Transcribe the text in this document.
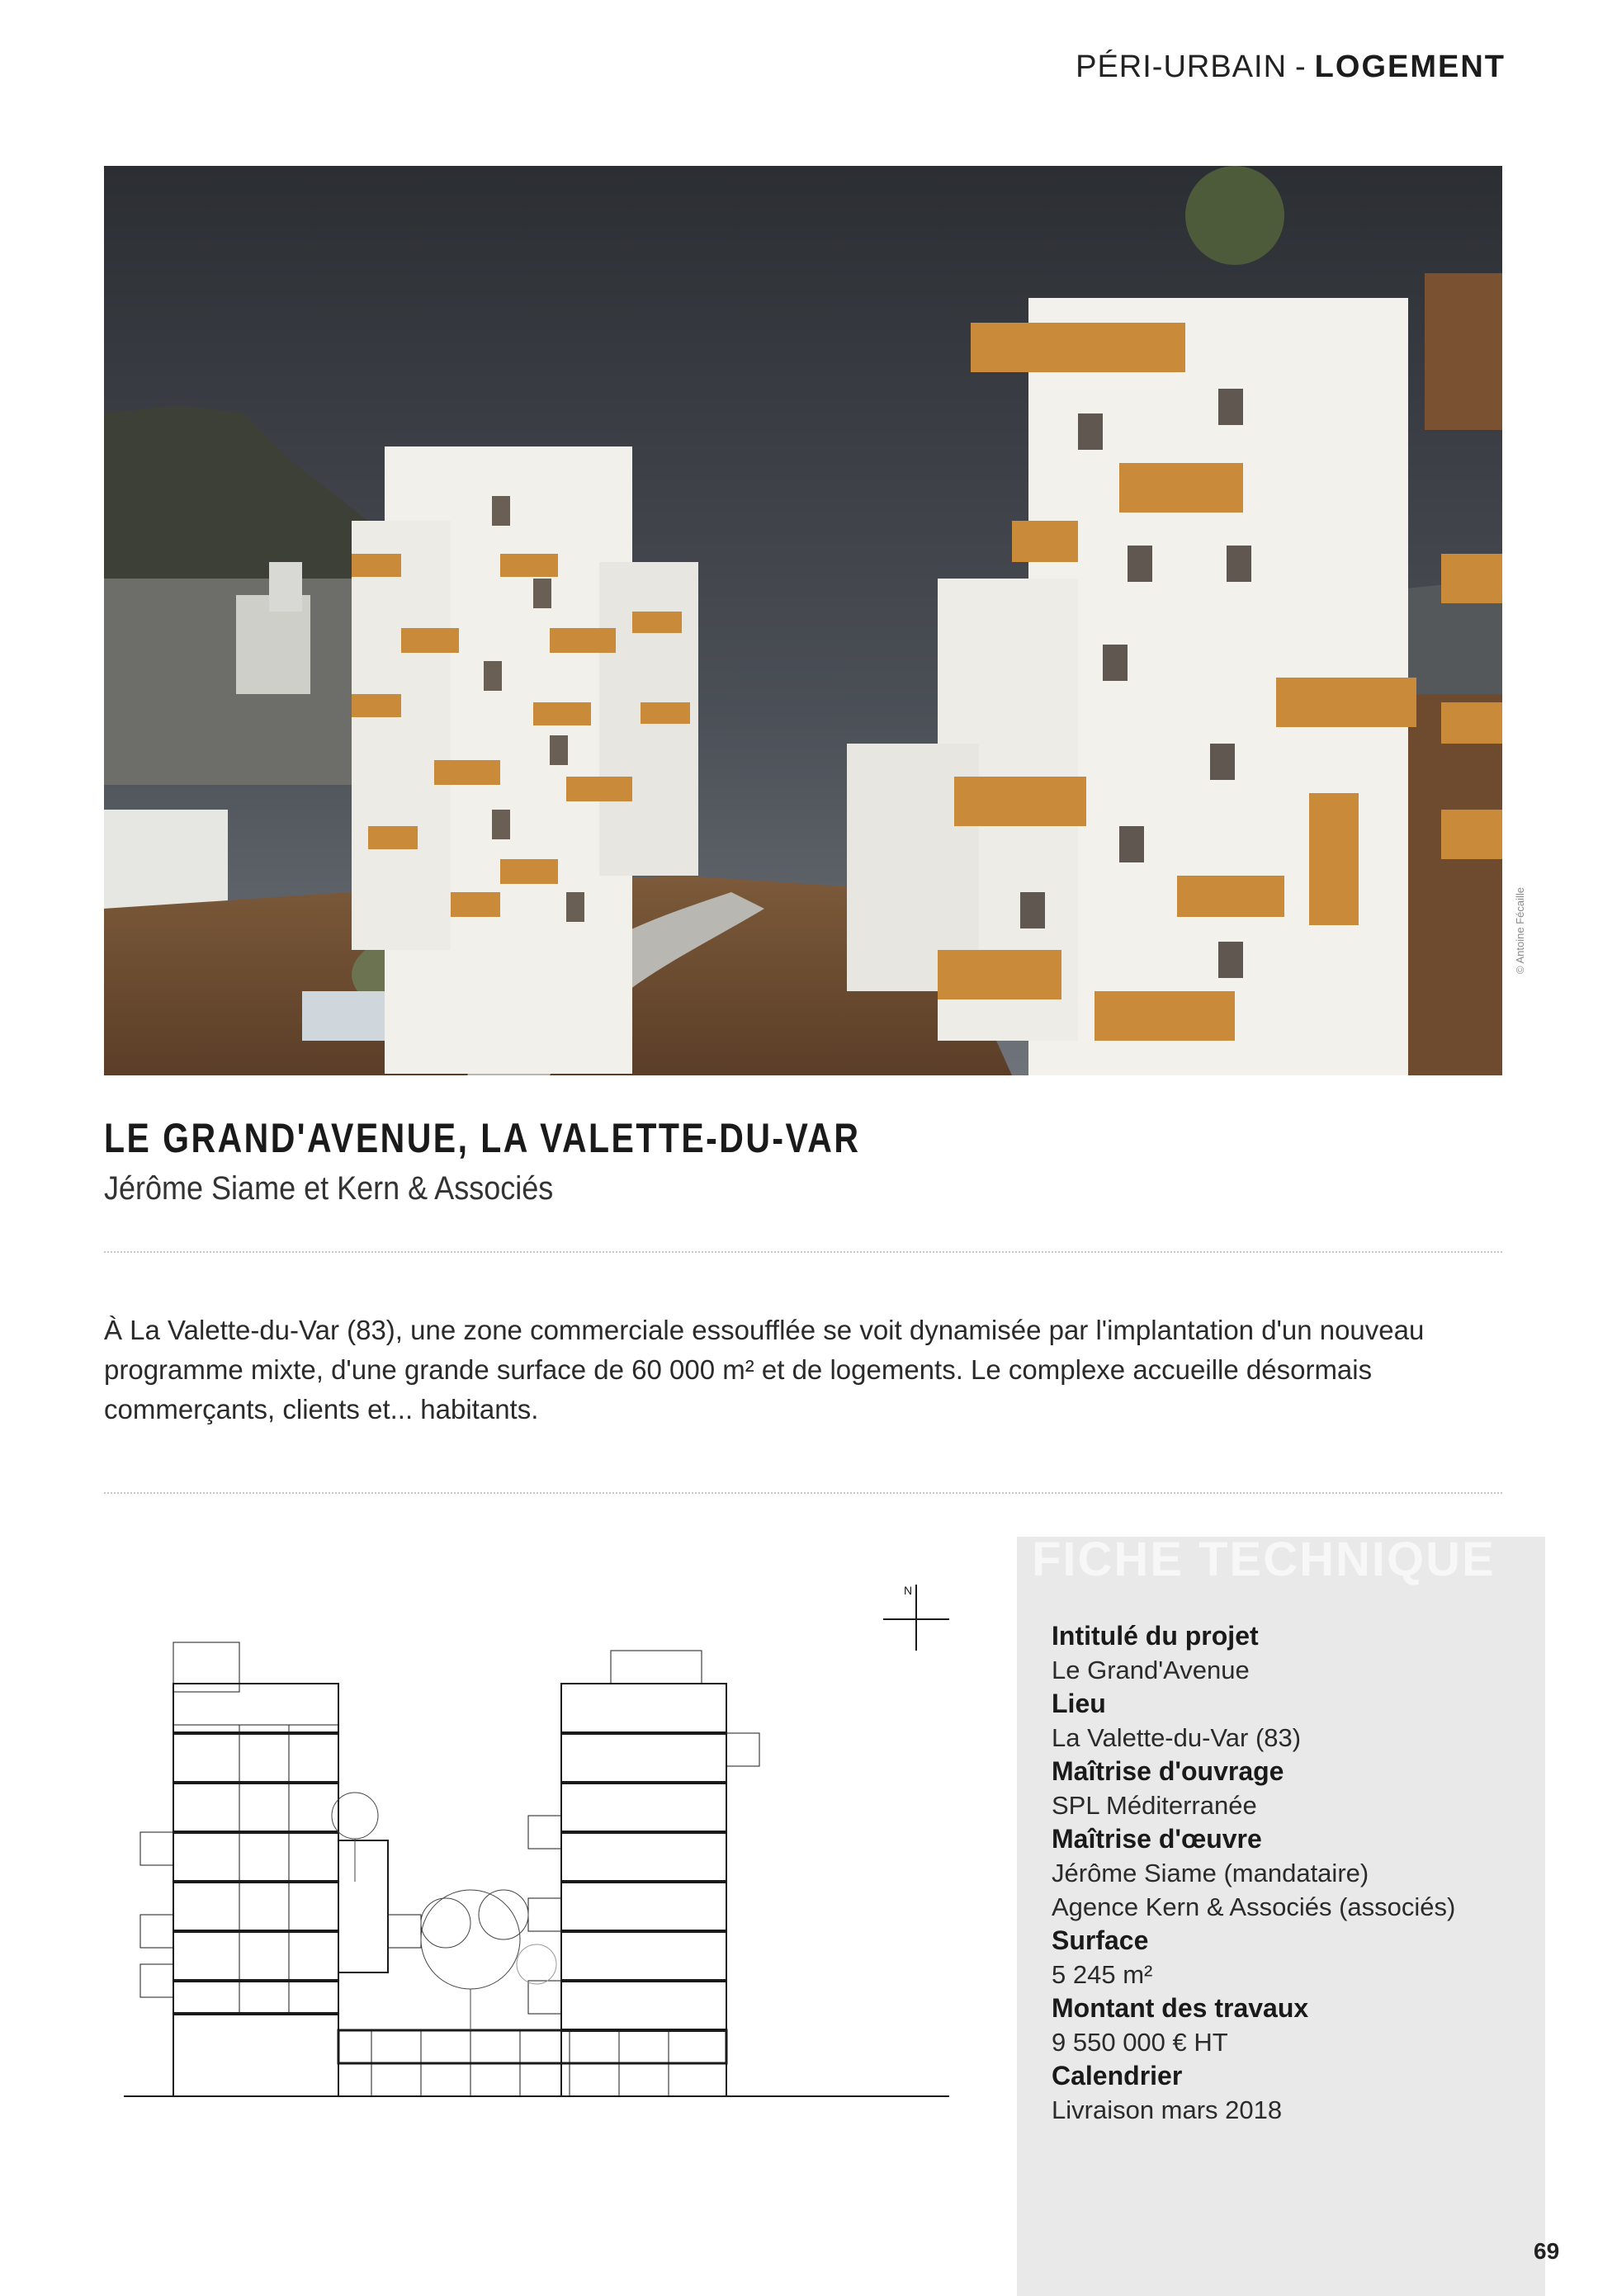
PÉRI-URBAIN - LOGEMENT
© Antoine Fécaille
LE GRAND'AVENUE, LA VALETTE-DU-VAR
Jérôme Siame et Kern & Associés
À La Valette-du-Var (83), une zone commerciale essoufflée se voit dynamisée par l'implantation d'un nouveau programme mixte, d'une grande surface de 60 000 m² et de logements. Le complexe accueille désormais commerçants, clients et... habitants.
N
FICHE TECHNIQUE
Intitulé du projet
Le Grand'Avenue
Lieu
La Valette-du-Var (83)
Maîtrise d'ouvrage
SPL Méditerranée
Maîtrise d'œuvre
Jérôme Siame (mandataire)
Agence Kern & Associés (associés)
Surface
5 245 m²
Montant des travaux
9 550 000 € HT
Calendrier
Livraison mars 2018
69
